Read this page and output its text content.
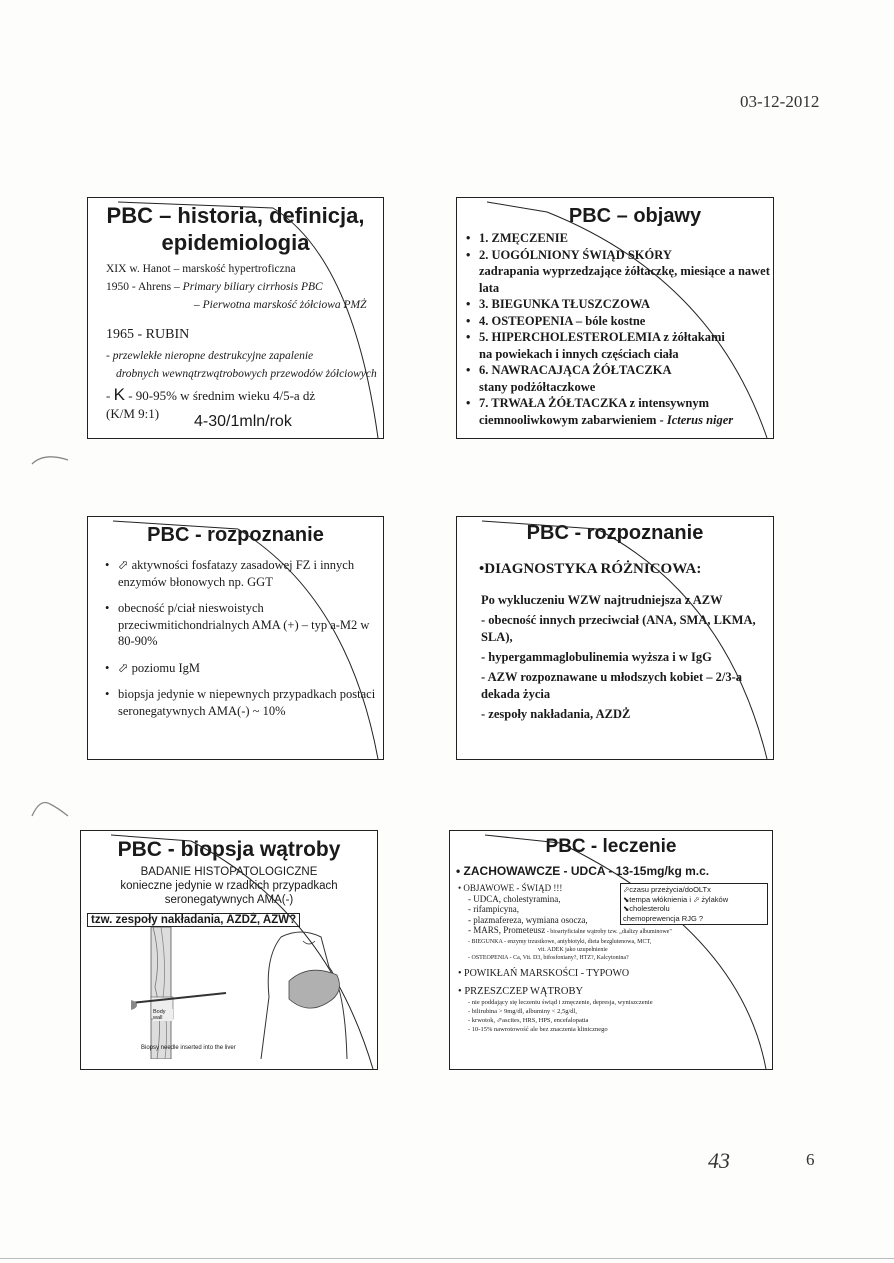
03-12-2012
PBC – historia, definicja,
epidemiologia
XIX w. Hanot – marskość hypertroficzna
1950 - Ahrens – Primary biliary cirrhosis PBC
– Pierwotna marskość żółciowa PMŻ
1965 - RUBIN
- przewlekłe nieropne destrukcyjne zapalenie
drobnych wewnątrzwątrobowych przewodów żółciowych
- K - 90-95% w średnim wieku 4/5-a dż
(K/M 9:1) 4-30/1mln/rok
PBC – objawy
• 1. ZMĘCZENIE
• 2. UOGÓLNIONY ŚWIĄD SKÓRY
zadrapania wyprzedzające żółtaczkę, miesiące a nawet lata
• 3. BIEGUNKA TŁUSZCZOWA
• 4. OSTEOPENIA – bóle kostne
• 5. HIPERCHOLESTEROLEMIA z żółtakami
na powiekach i innych częściach ciała
• 6. NAWRACAJĄCA ŻÓŁTACZKA
stany podżółtaczkowe
• 7. TRWAŁA ŻÓŁTACZKA z intensywnym
ciemnooliwkowym zabarwieniem - Icterus niger
PBC - rozpoznanie
• ⬀ aktywności fosfatazy zasadowej FZ i innych enzymów błonowych np. GGT
• obecność p/ciał nieswoistych przeciwmitichondrialnych AMA (+) – typ a-M2 w 80-90%
• ⬀ poziomu IgM
• biopsja jedynie w niepewnych przypadkach postaci seronegatywnych AMA(-) ~ 10%
PBC - rozpoznanie
•DIAGNOSTYKA RÓŻNICOWA:
Po wykluczeniu WZW najtrudniejsza z AZW
- obecność innych przeciwciał (ANA, SMA, LKMA, SLA),
- hypergammaglobulinemia wyższa i w IgG
- AZW rozpoznawane u młodszych kobiet – 2/3-a dekada życia
- zespoły nakładania, AZDŻ
PBC - biopsja wątroby
BADANIE HISTOPATOLOGICZNE
konieczne jedynie w rzadkich przypadkach
seronegatywnych AMA(-)
tzw. zespoły nakładania, AZDŻ, AZW?
Body wall
Biopsy needle inserted into the liver
PBC - leczenie
• ZACHOWAWCZE - UDCA - 13-15mg/kg m.c.
⬀czasu przeżycia/doOLTx
⬊tempa włóknienia i ⬀ żylaków
⬊cholesterolu
chemoprewencja RJG ?
• OBJAWOWE - ŚWIĄD !!!
- UDCA, cholestyramina,
- rifampicyna,
- plazmafereza, wymiana osocza,
- MARS, Prometeusz - bioartyficialne wątroby tzw. „dializy albuminowe"
- BIEGUNKA - enzymy trzustkowe, antybiotyki, dieta bezglutenowa, MCT,
vit. ADEK jako uzupełnienie
- OSTEOPENIA - Ca, Vit. D3, bifosfoniany?, HTZ?, Kalcytonina?
• POWIKŁAŃ MARSKOŚCI - TYPOWO
• PRZESZCZEP WĄTROBY
- nie poddający się leczeniu świąd i zmęczenie, depresja, wyniszczenie
- bilirubina > 9mg/dl, albuminy < 2,5g/dl,
- krwotok, ⬀ascites, HRS, HPS, encefalopatia
- 10-15% nawrotowość ale bez znaczenia klinicznego
43	6
